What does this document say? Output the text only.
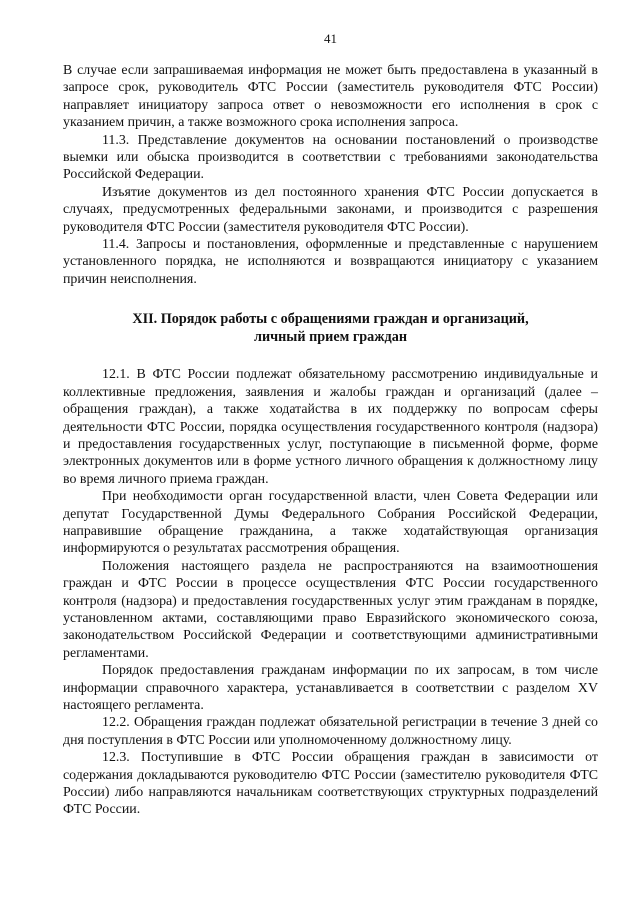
41

В случае если запрашиваемая информация не может быть предоставлена в указанный в запросе срок, руководитель ФТС России (заместитель руководителя ФТС России) направляет инициатору запроса ответ о невозможности его исполнения в срок с указанием причин, а также возможного срока исполнения запроса.

11.3. Представление документов на основании постановлений о производстве выемки или обыска производится в соответствии с требованиями законодательства Российской Федерации.

Изъятие документов из дел постоянного хранения ФТС России допускается в случаях, предусмотренных федеральными законами, и производится с разрешения руководителя ФТС России (заместителя руководителя ФТС России).

11.4. Запросы и постановления, оформленные и представленные с нарушением установленного порядка, не исполняются и возвращаются инициатору с указанием причин неисполнения.

XII. Порядок работы с обращениями граждан и организаций,
личный прием граждан

12.1. В ФТС России подлежат обязательному рассмотрению индивидуальные и коллективные предложения, заявления и жалобы граждан и организаций (далее – обращения граждан), а также ходатайства в их поддержку по вопросам сферы деятельности ФТС России, порядка осуществления государственного контроля (надзора) и предоставления государственных услуг, поступающие в письменной форме, форме электронных документов или в форме устного личного обращения к должностному лицу во время личного приема граждан.

При необходимости орган государственной власти, член Совета Федерации или депутат Государственной Думы Федерального Собрания Российской Федерации, направившие обращение гражданина, а также ходатайствующая организация информируются о результатах рассмотрения обращения.

Положения настоящего раздела не распространяются на взаимоотношения граждан и ФТС России в процессе осуществления ФТС России государственного контроля (надзора) и предоставления государственных услуг этим гражданам в порядке, установленном актами, составляющими право Евразийского экономического союза, законодательством Российской Федерации и соответствующими административными регламентами.

Порядок предоставления гражданам информации по их запросам, в том числе информации справочного характера, устанавливается в соответствии с разделом XV настоящего регламента.

12.2. Обращения граждан подлежат обязательной регистрации в течение 3 дней со дня поступления в ФТС России или уполномоченному должностному лицу.

12.3. Поступившие в ФТС России обращения граждан в зависимости от содержания докладываются руководителю ФТС России (заместителю руководителя ФТС России) либо направляются начальникам соответствующих структурных подразделений ФТС России.
